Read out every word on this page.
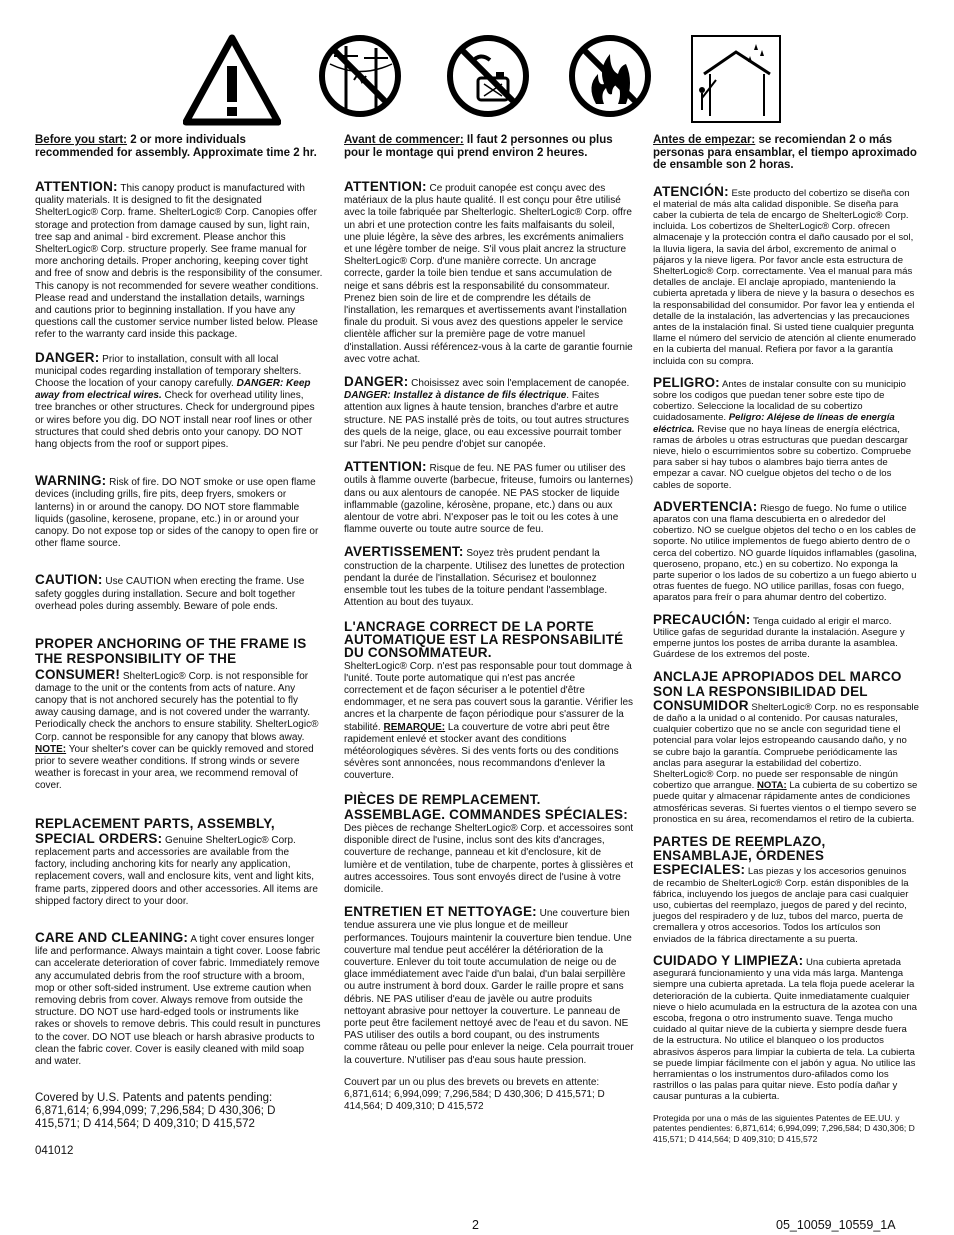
Before you start: 2 or more individuals recommended for assembly. Approximate time 2 hr.

ATTENTION: This canopy product is manufactured with quality materials. It is designed to fit the designated ShelterLogic® Corp. frame. ShelterLogic® Corp. Canopies offer storage and protection from damage caused by sun, light rain, tree sap and animal - bird excrement. Please anchor this ShelterLogic® Corp. structure properly. See frame manual for more anchoring details. Proper anchoring, keeping cover tight and free of snow and debris is the responsibility of the consumer. This canopy is not recommended for severe weather conditions. Please read and understand the installation details, warnings and cautions prior to beginning installation. If you have any questions call the customer service number listed below. Please refer to the warranty card inside this package.

DANGER: Prior to installation, consult with all local municipal codes regarding installation of temporary shelters. Choose the location of your canopy carefully. DANGER: Keep away from electrical wires. Check for overhead utility lines, tree branches or other structures. Check for underground pipes or wires before you dig. DO NOT install near roof lines or other structures that could shed debris onto your canopy. DO NOT hang objects from the roof or support pipes.

WARNING: Risk of fire. DO NOT smoke or use open flame devices (including grills, fire pits, deep fryers, smokers or lanterns) in or around the canopy. DO NOT store flammable liquids (gasoline, kerosene, propane, etc.) in or around your canopy. Do not expose top or sides of the canopy to open fire or other flame source.

CAUTION: Use CAUTION when erecting the frame. Use safety goggles during installation. Secure and bolt together overhead poles during assembly. Beware of pole ends.

PROPER ANCHORING OF THE FRAME IS THE RESPONSIBILITY OF THE CONSUMER! ShelterLogic® Corp. is not responsible for damage to the unit or the contents from acts of nature. Any canopy that is not anchored securely has the potential to fly away causing damage, and is not covered under the warranty. Periodically check the anchors to ensure stability. ShelterLogic® Corp. cannot be responsible for any canopy that blows away. NOTE: Your shelter's cover can be quickly removed and stored prior to severe weather conditions. If strong winds or severe weather is forecast in your area, we recommend removal of cover.

REPLACEMENT PARTS, ASSEMBLY, SPECIAL ORDERS: Genuine ShelterLogic® Corp. replacement parts and accessories are available from the factory, including anchoring kits for nearly any application, replacement covers, wall and enclosure kits, vent and light kits, frame parts, zippered doors and other accessories. All items are shipped factory direct to your door.

CARE AND CLEANING: A tight cover ensures longer life and performance. Always maintain a tight cover. Loose fabric can accelerate deterioration of cover fabric. Immediately remove any accumulated debris from the roof structure with a broom, mop or other soft-sided instrument. Use extreme caution when removing debris from cover. Always remove from outside the structure. DO NOT use hard-edged tools or instruments like rakes or shovels to remove debris. This could result in punctures to the cover. DO NOT use bleach or harsh abrasive products to clean the fabric cover. Cover is easily cleaned with mild soap and water.

Covered by U.S. Patents and patents pending: 6,871,614; 6,994,099; 7,296,584; D 430,306; D 415,571; D 414,564; D 409,310; D 415,572

041012

Avant de commencer: Il faut 2 personnes ou plus pour le montage qui prend environ 2 heures.

ATTENTION: Ce produit canopée est conçu avec des matériaux de la plus haute qualité. Il est conçu pour être utilisé avec la toile fabriquée par Shelterlogic. ShelterLogic® Corp. offre un abri et une protection contre les faits malfaisants du soleil, une pluie légère, la sève des arbres, les excréments animaliers et une légère tomber de neige. S'il vous plait ancrez la structure ShelterLogic® Corp. d'une manière correcte. Un ancrage correcte, garder la toile bien tendue et sans accumulation de neige et sans débris est la responsabilité du consommateur. Prenez bien soin de lire et de comprendre les détails de l'installation, les remarques et avertissements avant l'installation finale du produit. Si vous avez des questions appeler le service clientèle afficher sur la première page de votre manuel d'installation. Aussi référencez-vous à la carte de garantie fournie avec votre achat.

DANGER: Choisissez avec soin l'emplacement de canopée. DANGER: Installez à distance de fils électrique. Faites attention aux lignes à haute tension, branches d'arbre et autre structure. NE PAS installé près de toits, ou tout autres structures des quels de la neige, glace, ou eau excessive pourrait tomber sur l'abri. Ne peu pendre d'objet sur canopée.

ATTENTION: Risque de feu. NE PAS fumer ou utiliser des outils à flamme ouverte (barbecue, friteuse, fumoirs ou lanternes) dans ou aux alentours de canopée. NE PAS stocker de liquide inflammable (gazoline, kérosène, propane, etc.) dans ou aux alentour de votre abri. N'exposer pas le toit ou les cotes à une flamme ouverte ou toute autre source de feu.

AVERTISSEMENT: Soyez très prudent pendant la construction de la charpente. Utilisez des lunettes de protection pendant la durée de l'installation. Sécurisez et boulonnez ensemble tout les tubes de la toiture pendant l'assemblage. Attention au bout des tuyaux.

L'ANCRAGE CORRECT DE LA PORTE AUTOMATIQUE EST LA RESPONSABILITÉ DU CONSOMMATEUR.
ShelterLogic® Corp. n'est pas responsable pour tout dommage à l'unité. Toute porte automatique qui n'est pas ancrée correctement et de façon sécuriser a le potentiel d'être endommager, et ne sera pas couvert sous la garantie. Vérifier les ancres et la charpente de façon périodique pour s'assurer de la stabilité. REMARQUE: La couverture de votre abri peut être rapidement enlevé et stocker avant des conditions météorologiques sévères. Si des vents forts ou des conditions sévères sont annoncées, nous recommandons d'enlever la couverture.

PIÈCES DE REMPLACEMENT. ASSEMBLAGE. COMMANDES SPÉCIALES: Des pièces de rechange ShelterLogic® Corp. et accessoires sont disponible direct de l'usine, inclus sont des kits d'ancrages, couverture de rechange, panneau et kit d'enclosure, kit de lumière et de ventilation, tube de charpente, portes à glissières et autres accessoires. Tous sont envoyés direct de l'usine à votre domicile.

ENTRETIEN ET NETTOYAGE: Une couverture bien tendue assurera une vie plus longue et de meilleur performances. Toujours maintenir la couverture bien tendue. Une couverture mal tendue peut accélérer la détérioration de la couverture. Enlever du toit toute accumulation de neige ou de glace immédiatement avec l'aide d'un balai, d'un balai serpillère ou autre instrument à bord doux. Garder le raille propre et sans débris. NE PAS utiliser d'eau de javèle ou autre produits nettoyant abrasive pour nettoyer la couverture. Le panneau de porte peut être facilement nettoyé avec de l'eau et du savon. NE PAS utiliser des outils a bord coupant, ou des instruments comme râteau ou pelle pour enlever la neige. Cela pourrait trouer la couverture. N'utiliser pas d'eau sous haute pression.

Couvert par un ou plus des brevets ou brevets en attente: 6,871,614; 6,994,099; 7,296,584; D 430,306; D 415,571; D 414,564; D 409,310; D 415,572

Antes de empezar: se recomiendan 2 o más personas para ensamblar, el tiempo aproximado de ensamble son 2 horas.

ATENCIÓN: Este producto del cobertizo se diseña con el material de más alta calidad disponible. Se diseña para caber la cubierta de tela de encargo de ShelterLogic® Corp. incluida. Los cobertizos de ShelterLogic® Corp. ofrecen almacenaje y la protección contra el daño causado por el sol, la lluvia ligera, la savia del árbol, excremento de animal o pájaros y la nieve ligera. Por favor ancle esta estructura de ShelterLogic® Corp. correctamente. Vea el manual para más detalles de anclaje. El anclaje apropiado, manteniendo la cubierta apretada y libera de nieve y la basura o desechos es la responsabilidad del consumidor. Por favor lea y entienda el detalle de la instalación, las advertencias y las precauciones antes de la instalación final. Si usted tiene cualquier pregunta llame el número del servicio de atención al cliente enumerado en la cubierta del manual. Refiera por favor a la garantía incluida con su compra.

PELIGRO: Antes de instalar consulte con su municipio sobre los codigos que puedan tener sobre este tipo de cobertizo. Seleccione la localidad de su cobertizo cuidadosamente. Peligro: Aléjese de líneas de energía eléctrica. Revise que no haya líneas de energía eléctrica, ramas de árboles u otras estructuras que puedan descargar nieve, hielo o escurrimientos sobre su cobertizo. Compruebe para saber si hay tubos o alambres bajo tierra antes de empezar a cavar. NO cuelgue objetos del techo o de los cables de soporte.

ADVERTENCIA: Riesgo de fuego. No fume o utilice aparatos con una flama descubierta en o alrededor del cobertizo. NO se cuelgue objetos del techo o en los cables de soporte. No utilice implementos de fuego abierto dentro de o cerca del cobertizo. NO guarde líquidos inflamables (gasolina, queroseno, propano, etc.) en su cobertizo. No exponga la parte superior o los lados de su cobertizo a un fuego abierto u otras fuentes de fuego. NO utilice parillas, fosas con fuego, aparatos para freír o para ahumar dentro del cobertizo.

PRECAUCIÓN: Tenga cuidado al erigir el marco. Utilice gafas de seguridad durante la instalación. Asegure y emperne juntos los postes de arriba durante la asamblea. Guárdese de los extremos del poste.

ANCLAJE APROPIADOS DEL MARCO SON LA RESPONSIBILIDAD DEL CONSUMIDOR ShelterLogic® Corp. no es responsable de daño a la unidad o al contenido. Por causas naturales, cualquier cobertizo que no se ancle con seguridad tiene el potencial para volar lejos estropeando causando daño, y no se cubre bajo la garantía. Compruebe periódicamente las anclas para asegurar la estabilidad del cobertizo. ShelterLogic® Corp. no puede ser responsable de ningún cobertizo que arrangue. NOTA: La cubierta de su cobertizo se puede quitar y almacenar rápidamente antes de condiciones atmosféricas severas. Si fuertes vientos o el tiempo severo se pronostica en su área, recomendamos el retiro de la cubierta.

PARTES DE REEMPLAZO, ENSAMBLAJE, ÓRDENES ESPECIALES: Las piezas y los accesorios genuinos de recambio de ShelterLogic® Corp. están disponibles de la fábrica, incluyendo los juegos de anclaje para casi cualquier uso, cubiertas del reemplazo, juegos de pared y del recinto, juegos del respiradero y de luz, tubos del marco, puerta de cremallera y otros accesorios. Todos los artículos son enviados de la fábrica directamente a su puerta.

CUIDADO Y LIMPIEZA: Una cubierta apretada asegurará funcionamiento y una vida más larga. Mantenga siempre una cubierta apretada. La tela floja puede acelerar la deterioración de la cubierta. Quite inmediatamente cualquier nieve o hielo acumulada en la estructura de la azotea con una escoba, fregona o otro instrumento suave. Tenga mucho cuidado al quitar nieve de la cubierta y siempre desde fuera de la estructura. No utilice el blanqueo o los productos abrasivos ásperos para limpiar la cubierta de tela. La cubierta se puede limpiar fácilmente con el jabón y agua. No utilice las herramientas o los instrumentos duro-afilados como los rastrillos o las palas para quitar nieve. Esto podía dañar y causar punturas a la cubierta.

Protegida por una o más de las siguientes Patentes de EE.UU. y patentes pendientes: 6,871,614; 6,994,099; 7,296,584; D 430,306; D 415,571; D 414,564; D 409,310; D 415,572

2	05_10059_10559_1A
